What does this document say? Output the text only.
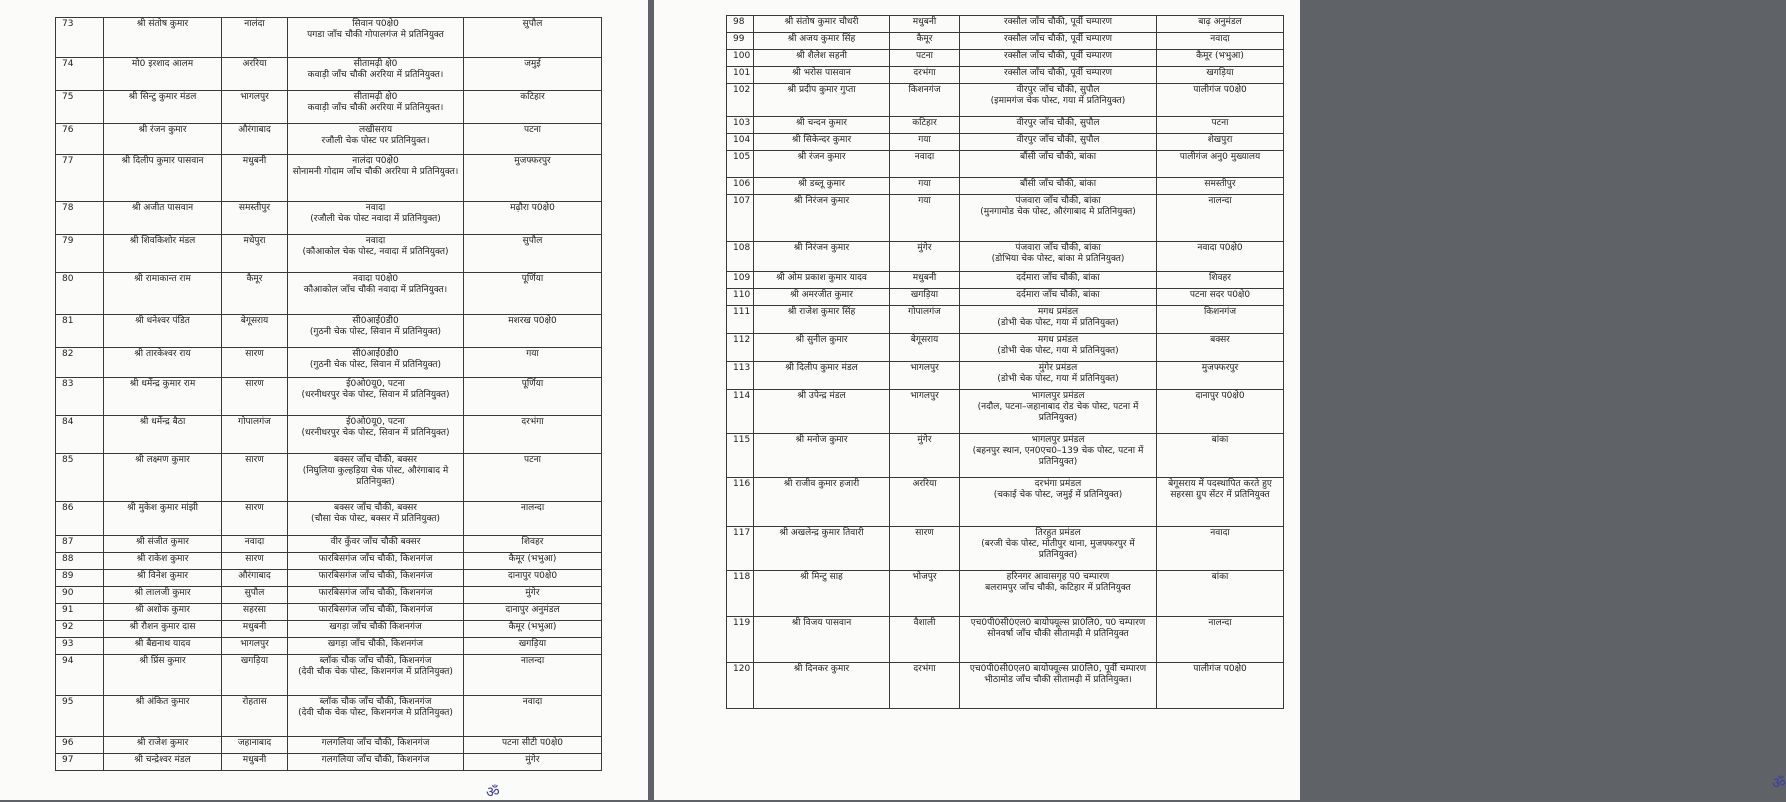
73	श्री संतोष कुमार	नालंदा	सिवान प0क्षे0
पगडा जाँच चौकी गोपालगंज मे प्रतिनियुक्त	सुपौल
74	मो0 इरशाद आलम	अररिया	सीतामढ़ी क्षे0
कवाड़ी जाँच चौकी अररिया में प्रतिनियुक्त।	जमुई
75	श्री सिन्टु कुमार मंडल	भागलपुर	सीतामढ़ी क्षे0
कवाड़ी जाँच चौकी अररिया में प्रतिनियुक्त।	कटिहार
76	श्री रंजन कुमार	औरंगाबाद	लखीसराय
रजौली चेक पोस्ट पर प्रतिनियुक्त।	पटना
77	श्री दिलीप कुमार पासवान	मधुबनी	नालंदा प0क्षे0
सोनामनी गोदाम जाँच चौकी अररिया मे प्रतिनियुक्त।	मुजफ्फरपुर
78	श्री अजीत पासवान	समस्तीपुर	नवादा
(रजौली चेक पोस्ट नवादा में प्रतिनियुक्त)	मढ़ौरा प0क्षे0
79	श्री शिवकिशोर मंडल	मधेपुरा	नवादा
(कौआकोल चेक पोस्ट, नवादा में प्रतिनियुक्त)	सुपौल
80	श्री रामाकान्त राम	कैमूर	नवादा प0क्षे0
कौआकोल जाँच चौकी नवादा में प्रतिनियुक्त।	पूर्णिया
81	श्री धनेश्वर पंडित	बेगूसराय	सी0आई0डी0
(गुठनी चेक पोस्ट, सिवान में प्रतिनियुक्त)	मशरख प0क्षे0
82	श्री तारकेश्वर राय	सारण	सी0आई0डी0
(गुठनी चेक पोस्ट, सिवान में प्रतिनियुक्त)	गया
83	श्री धर्मेन्द्र कुमार राम	सारण	ई0ओ0यू0, पटना
(धरनीधरपुर चेक पोस्ट, सिवान में प्रतिनियुक्त)	पूर्णिया
84	श्री धर्मेन्द्र बैठा	गोपालगंज	ई0ओ0यू0, पटना
(धरनीधरपुर चेक पोस्ट, सिवान में प्रतिनियुक्त)	दरभंगा
85	श्री लक्ष्मण कुमार	सारण	बक्सर जाँच चौकी, बक्सर
(निघुलिया कुल्हड़िया चेक पोस्ट, औरंगाबाद मे प्रतिनियुक्त)	पटना
86	श्री मुकेश कुमार मांझी	सारण	बक्सर जाँच चौकी, बक्सर
(चौसा चेक पोस्ट, बक्सर में प्रतिनियुक्त)	नालन्दा
87	श्री संजीत कुमार	नवादा	वीर कुँवर जाँच चौकी बक्सर	शिवहर
88	श्री राकेश कुमार	सारण	फारबिसगंज जाँच चौकी, किशनगंज	कैमूर (भभुआ)
89	श्री विनेश कुमार	औरंगाबाद	फारबिसगंज जाँच चौकी, किशनगंज	दानापुर प0क्षे0
90	श्री लालजी कुमार	सुपौल	फारबिसगंज जाँच चौकी, किशनगंज	मुंगेर
91	श्री अशोक कुमार	सहरसा	फारबिसगंज जाँच चौकी, किशनगंज	दानापुर अनुमंडल
92	श्री रौशन कुमार दास	मधुबनी	खगड़ा जाँच चौकी किशनगंज	कैमूर (भभुआ)
93	श्री बैद्यनाथ यादव	भागलपुर	खगड़ा जाँच चौकी, किशनगंज	खगड़िया
94	श्री प्रिंस कुमार	खगड़िया	ब्लॉक चौक जाँच चौकी, किशनगंज
(देवी चौक चेक पोस्ट, किशनगंज में प्रतिनियुक्त)	नालन्दा
95	श्री अंकित कुमार	रोहतास	ब्लॉक चौक जाँच चौकी, किशनगंज
(देवी चौक चेक पोस्ट, किशनगंज मे प्रतिनियुक्त)	नवादा
96	श्री राजेश कुमार	जहानाबाद	गलगलिया जाँच चौकी, किशनगंज	पटना सीटी प0क्षे0
97	श्री चन्द्रेश्वर मंडल	मधुबनी	गलगलिया जाँच चौकी, किशनगंज	मुंगेर
ॐ
98	श्री संतोष कुमार चौधरी	मधुबनी	रक्सौल जाँच चौकी, पूर्वी चम्पारण	बाढ़ अनुमंडल
99	श्री अजय कुमार सिंह	कैमूर	रक्सौल जाँच चौकी, पूर्वी चम्पारण	नवादा
100	श्री शैलेश सहनी	पटना	रक्सौल जाँच चौकी, पूर्वी चम्पारण	कैमूर (भभुआ)
101	श्री भरोस पासवान	दरभंगा	रक्सौल जाँच चौकी, पूर्वी चम्पारण	खगड़िया
102	श्री प्रदीप कुमार गुप्ता	किशनगंज	वीरपुर जाँच चौकी, सुपौल
(इमामगंज चेक पोस्ट, गया में प्रतिनियुक्त)	पालीगंज प0क्षे0
103	श्री चन्दन कुमार	कटिहार	वीरपुर जाँच चौकी, सुपौल	पटना
104	श्री सिकेन्दर कुमार	गया	वीरपुर जाँच चौकी, सुपौल	शेखपुरा
105	श्री रंजन कुमार	नवादा	बौंसी जाँच चौकी, बांका	पालीगंज अनु0 मुख्यालय
106	श्री डब्लू कुमार	गया	बौंसी जाँच चौकी, बांका	समस्तीपुर
107	श्री निरंजन कुमार	गया	पंजवारा जाँच चौकी, बांका
(मुनगामोड चेक पोस्ट, औरंगाबाद मे प्रतिनियुक्त)	नालन्दा
108	श्री निरंजन कुमार	मुंगेर	पंजवारा जाँच चौकी, बांका
(डोभिया चेक पोस्ट, बांका मे प्रतिनियुक्त)	नवादा प0क्षे0
109	श्री ओम प्रकाश कुमार यादव	मधुबनी	दर्दमारा जाँच चौकी, बांका	शिवहर
110	श्री अमरजीत कुमार	खगड़िया	दर्दमारा जाँच चौकी, बांका	पटना सदर प0क्षे0
111	श्री राजेश कुमार सिंह	गोपालगंज	मगध प्रमंडल
(डोभी चेक पोस्ट, गया में प्रतिनियुक्त)	किशनगंज
112	श्री सुनील कुमार	बेगूसराय	मगध प्रमंडल
(डोभी चेक पोस्ट, गया मे प्रतिनियुक्त)	बक्सर
113	श्री दिलीप कुमार मंडल	भागलपुर	मुंगेर प्रमंडल
(डोभी चेक पोस्ट, गया में प्रतिनियुक्त)	मुजफ्फरपुर
114	श्री उपेन्द्र मंडल	भागलपुर	भागलपुर प्रमंडल
(नदौल, पटना–जहानाबाद रोड चेक पोस्ट, पटना में प्रतिनियुक्त)	दानापुर प0क्षे0
115	श्री मनोज कुमार	मुंगेर	भागलपुर प्रमंडल
(बहनपुर स्थान, एन0एच0–139 चेक पोस्ट, पटना में प्रतिनियुक्त)	बांका
116	श्री राजीव कुमार हजारी	अररिया	दरभंगा प्रमंडल
(चकाई चेक पोस्ट, जमुई में प्रतिनियुक्त)	बेगूसराय में पदस्थापित करते हुए सहरसा ग्रुप सेंटर में प्रतिनियुक्त
117	श्री अखलेन्द्र कुमार तिवारी	सारण	तिरहुत प्रमंडल
(बरजी चेक पोस्ट, मोतीपुर थाना, मुजफ्फरपुर में प्रतिनियुक्त)	नवादा
118	श्री मिन्टु साह	भोजपुर	हरिनगर आवासगृह प0 चम्पारण
बलरामपुर जाँच चौकी, कटिहार में प्रतिनियुक्त	बांका
119	श्री विजय पासवान	वैशाली	एच0पी0सी0एल0 बायोफ्यूल्स प्रा0लि0, प0 चम्पारण
सोनवर्षा जाँच चौकी सीतामढ़ी मे प्रतिनियुक्त	नालन्दा
120	श्री दिनकर कुमार	दरभंगा	एच0पी0सी0एल0 बायोफ्यूल्स प्रा0लि0, पूर्वी चम्पारण
भीठामोड जाँच चौकी सीतामढ़ी में प्रतिनियुक्त।	पालीगंज प0क्षे0
ॐ
